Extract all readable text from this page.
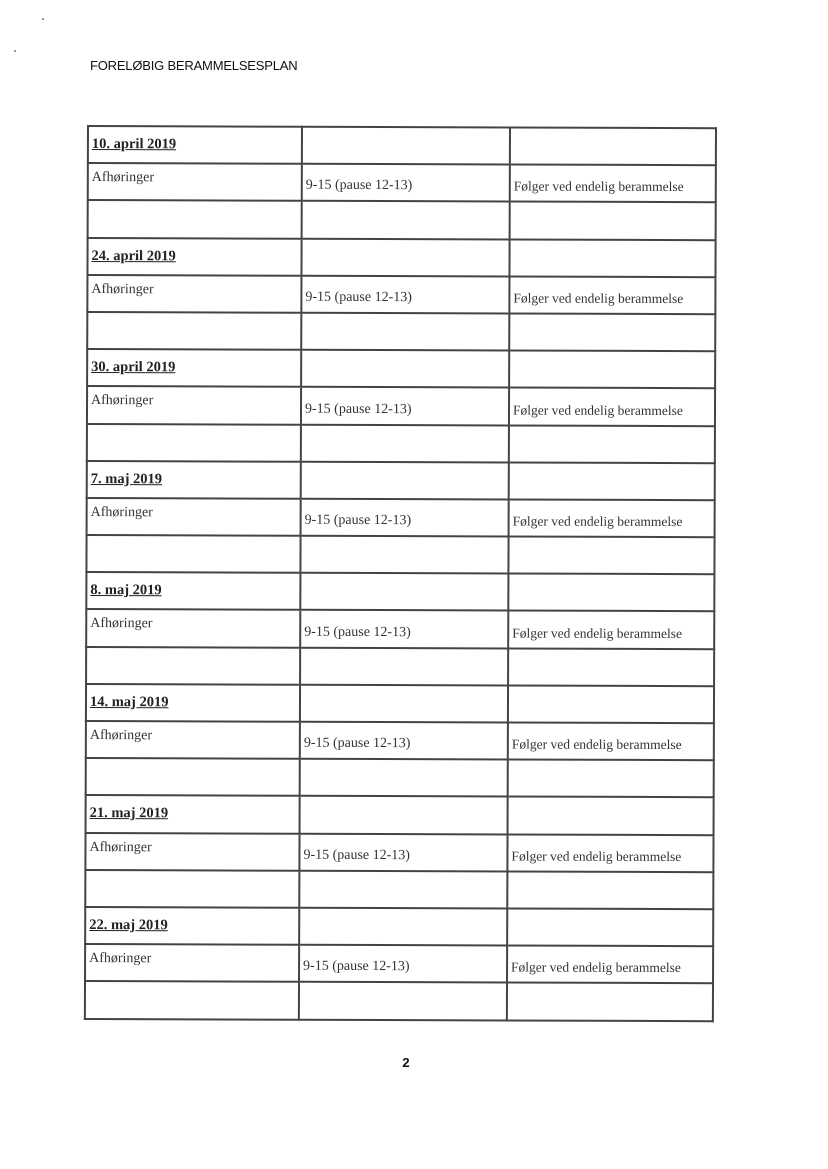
FORELØBIG BERAMMELSESPLAN
10. april 2019		
Afhøringer	9-15 (pause 12-13)	Følger ved endelig berammelse

24. april 2019		
Afhøringer	9-15 (pause 12-13)	Følger ved endelig berammelse

30. april 2019		
Afhøringer	9-15 (pause 12-13)	Følger ved endelig berammelse

7. maj 2019		
Afhøringer	9-15 (pause 12-13)	Følger ved endelig berammelse

8. maj 2019		
Afhøringer	9-15 (pause 12-13)	Følger ved endelig berammelse

14. maj 2019		
Afhøringer	9-15 (pause 12-13)	Følger ved endelig berammelse

21. maj 2019		
Afhøringer	9-15 (pause 12-13)	Følger ved endelig berammelse

22. maj 2019		
Afhøringer	9-15 (pause 12-13)	Følger ved endelig berammelse

2
